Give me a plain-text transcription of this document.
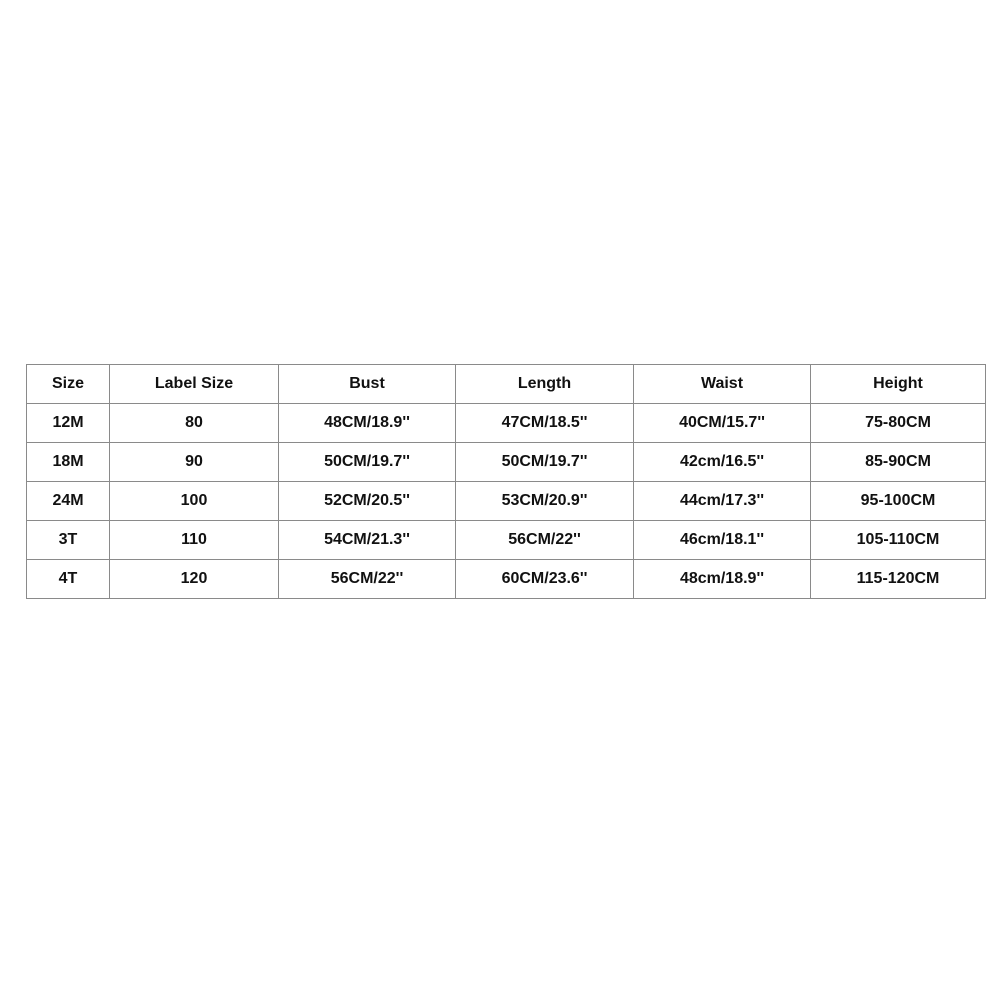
Size	Label Size	Bust	Length	Waist	Height
12M	80	48CM/18.9''	47CM/18.5''	40CM/15.7''	75-80CM
18M	90	50CM/19.7''	50CM/19.7''	42cm/16.5''	85-90CM
24M	100	52CM/20.5''	53CM/20.9''	44cm/17.3''	95-100CM
3T	110	54CM/21.3''	56CM/22''	46cm/18.1''	105-110CM
4T	120	56CM/22''	60CM/23.6''	48cm/18.9''	115-120CM
